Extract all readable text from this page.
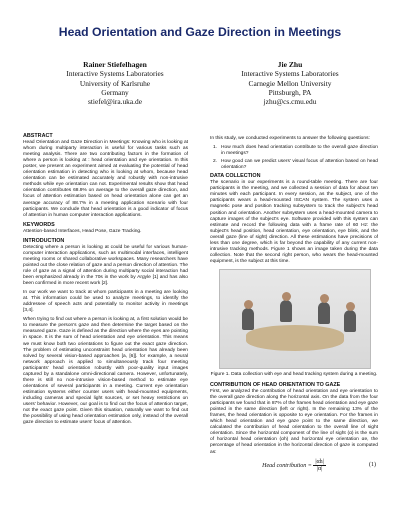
Head Orientation and Gaze Direction in Meetings
Rainer Stiefelhagen
Interactive Systems Laboratories
University of Karlsruhe
Germany
stiefel@ira.uka.de
Jie Zhu
Interactive Systems Laboratories
Carnegie Mellon University
Pittsburgh, PA
jzhu@cs.cmu.edu
ABSTRACT
Head Orientation and Gaze Direction in Meetings: Knowing who is looking at whom during multiparty interaction is useful for various tasks such as meeting analysis. There are two contributing factors in the formation of where a person is looking at : head orientation and eye orientation. In this poster, we present an experiment aimed at evaluating the potential of head orientation estimation in detecting who is looking at whom, because head orientation can be estimated accurately and robustly with non-intrusive methods while eye orientation can not. Experimental results show that head orientation contributes 68.9% on average to the overall gaze direction, and focus of attention estimation based on head orientation alone can get an average accuracy of 88.7% in a meeting application scenario with four participants. We conclude that head orientation is a good indicator of focus of attention in human computer interaction applications.
KEYWORDS
Attention-based Interfaces, Head Pose, Gaze Tracking.
INTRODUCTION
Detecting where a person is looking at could be useful for various human-computer interaction applications, such as multimodal interfaces, intelligent meeting rooms or shared collaborative workspaces. Many researchers have pointed out the close relation of gaze and a person direction of attention. The role of gaze as a signal of attention during multiparty social interaction had been emphasized already in the 70s in the work by Argyle [1] and has also been confirmed in more recent work [2].
In our work we want to track at whom participants in a meeting are looking at. This information could be used to analyze meetings, to identify the addressee of speech acts and potentially to monitor activity in meetings [3,4].
When trying to find out where a person is looking at, a first solution would be to measure the person's gaze and then determine the target based on the measured gaze. Gaze is defined as the direction where the eyes are pointing in space. It is the sum of head orientation and eye orientation. This means we must know both two orientations to figure out the exact gaze direction. The problem of estimating unconstraint head orientation has already been solved by several vision-based approaches [a, [6]]. for example, a neural network approach is applied to simultaneously track four meeting participants' head orientation robustly with poor-quality input images captured by a standalone omni-directional camera. However, unfortunately, there is still no non-intrusive vision-based method to estimate eye orientations of several participants in a meeting. Current eye orientation estimation systems either counter users with head-mounted equipments, including cameras and special light sources, or set heavy restrictions on users' behavior. However, our goal is to find out the focus of attention target, not the exact gaze point. Given this situation, naturally we want to find out the possibility of using head orientation estimation only, instead of the overall gaze direction to estimate users' focus of attention.
In this study, we conducted experiments to answer the following questions:
1. How much does head orientation contribute to the overall gaze direction in meetings?
2. How good can we predict users' visual focus of attention based on head orientation?
DATA COLLECTION
The scenario in our experiments is a round-table meeting. There are four participants in the meeting, and we collected a session of data for about ten minutes with each participant. In every session, as the subject, one of the participants wears a head-mounted ISCAN system. The system uses a magnetic pose and position tracking subsystem to track the subject's head position and orientation. Another subsystem uses a head-mounted camera to capture images of the subject's eye. Software provided with this system can estimate and record the following data with a frame rate of 60 Hz: the subject's head position, head orientation, eye orientation, eye blink, and the overall gaze (line of sight) direction. All these estimations have precisions of less than one degree, which is far beyond the capability of any current non-intrusive tracking methods. Figure 1 shows an image taken during the data collection. Note that the second right person, who wears the head-mounted equipment, is the subject at this time.
Figure 1. Data collection with eye and head tracking system during a meeting.
CONTRIBUTION OF HEAD ORIENTATION TO GAZE
First, we analyzed the contribution of head orientation and eye orientation to the overall gaze direction along the horizontal axis. On the data from the four participants we found that in 87% of the frames head orientation and eye gaze pointed in the same direction (left or right). In the remaining 13% of the frames, the head orientation is opposite to eye orientation. For the frames in which head orientation and eye gaze point to the same direction, we calculated the contribution of head orientation to the overall line of sight orientation. Since the horizontal component of the line of sight (α) is the sum of horizontal head orientation (αh) and horizontal eye orientation αe, the percentage of head orientation in the horizontal direction of gaze is computed as:
Head contribution = $\frac{|\alpha h|}{|\alpha|}$	(1)
